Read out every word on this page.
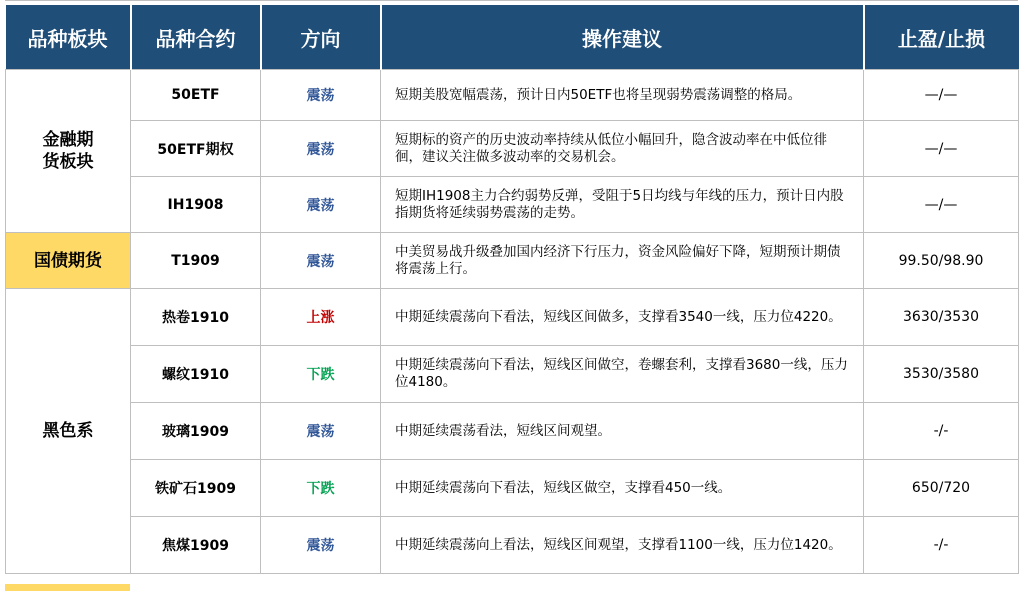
品种板块	品种合约	方向	操作建议	止盈/止损

金融期货板块	50ETF	震荡	短期美股宽幅震荡，预计日内50ETF也将呈现弱势震荡调整的格局。	—/—
	50ETF期权	震荡	短期标的资产的历史波动率持续从低位小幅回升，隐含波动率在中低位徘徊，建议关注做多波动率的交易机会。	—/—
	IH1908	震荡	短期IH1908主力合约弱势反弹，受阻于5日均线与年线的压力，预计日内股指期货将延续弱势震荡的走势。	—/—
国债期货	T1909	震荡	中美贸易战升级叠加国内经济下行压力，资金风险偏好下降，短期预计期债将震荡上行。	99.50/98.90
黑色系	热卷1910	上涨	中期延续震荡向下看法，短线区间做多，支撑看3540一线，压力位4220。	3630/3530
	螺纹1910	下跌	中期延续震荡向下看法，短线区间做空，卷螺套利，支撑看3680一线，压力位4180。	3530/3580
	玻璃1909	震荡	中期延续震荡看法，短线区间观望。	-/-
	铁矿石1909	下跌	中期延续震荡向下看法，短线区做空，支撑看450一线。	650/720
	焦煤1909	震荡	中期延续震荡向上看法，短线区间观望，支撑看1100一线，压力位1420。	-/-
